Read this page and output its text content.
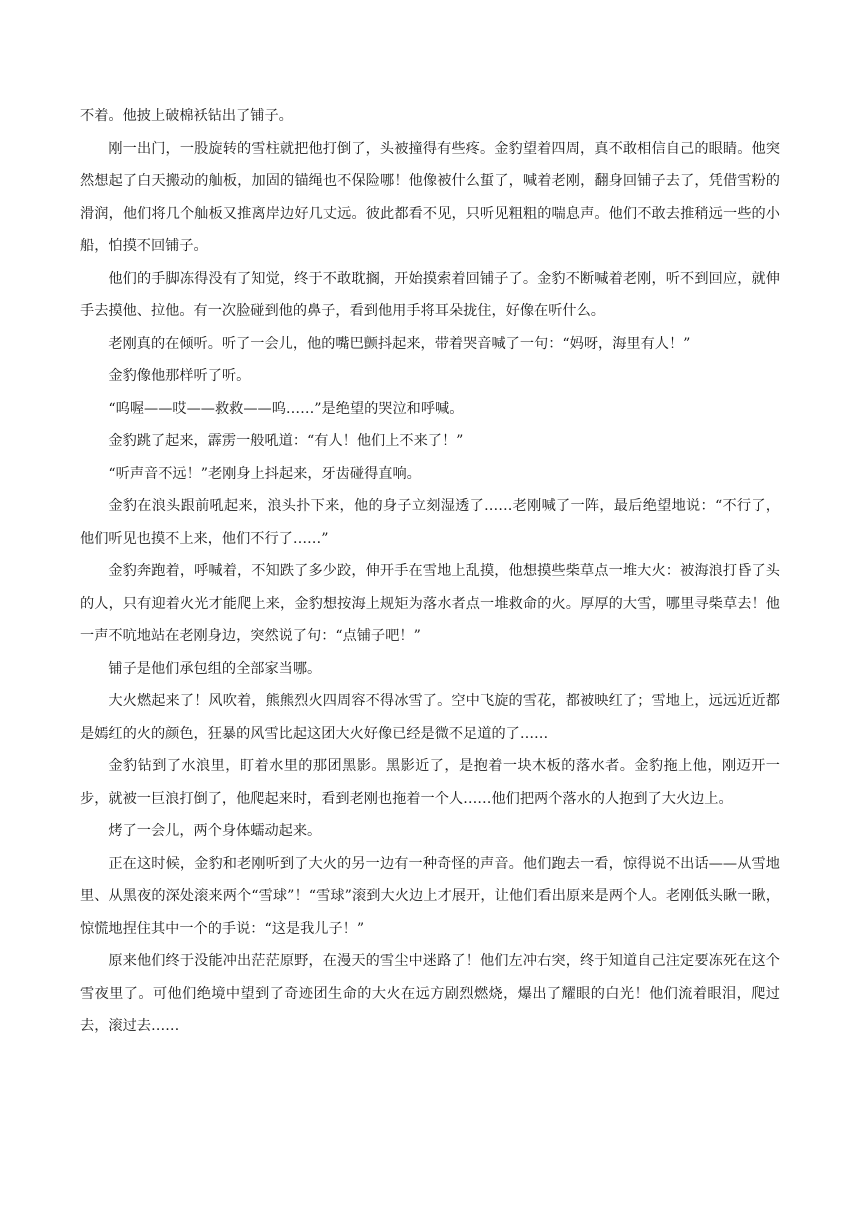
不着。他披上破棉袄钻出了铺子。

刚一出门，一股旋转的雪柱就把他打倒了，头被撞得有些疼。金豹望着四周，真不敢相信自己的眼睛。他突然想起了白天搬动的舢板，加固的锚绳也不保险哪！他像被什么蜇了，喊着老刚，翻身回铺子去了，凭借雪粉的滑润，他们将几个舢板又推离岸边好几丈远。彼此都看不见，只听见粗粗的喘息声。他们不敢去推稍远一些的小船，怕摸不回铺子。

他们的手脚冻得没有了知觉，终于不敢耽搁，开始摸索着回铺子了。金豹不断喊着老刚，听不到回应，就伸手去摸他、拉他。有一次脸碰到他的鼻子，看到他用手将耳朵拢住，好像在听什么。

老刚真的在倾听。听了一会儿，他的嘴巴颤抖起来，带着哭音喊了一句：“妈呀，海里有人！”

金豹像他那样听了听。

“呜喔——哎——救救——呜……”是绝望的哭泣和呼喊。

金豹跳了起来，霹雳一般吼道：“有人！他们上不来了！”

“听声音不远！”老刚身上抖起来，牙齿碰得直响。

金豹在浪头跟前吼起来，浪头扑下来，他的身子立刻湿透了……老刚喊了一阵，最后绝望地说：“不行了，他们听见也摸不上来，他们不行了……”

金豹奔跑着，呼喊着，不知跌了多少跤，伸开手在雪地上乱摸，他想摸些柴草点一堆大火：被海浪打昏了头的人，只有迎着火光才能爬上来，金豹想按海上规矩为落水者点一堆救命的火。厚厚的大雪，哪里寻柴草去！他一声不吭地站在老刚身边，突然说了句：“点铺子吧！”

铺子是他们承包组的全部家当哪。

大火燃起来了！风吹着，熊熊烈火四周容不得冰雪了。空中飞旋的雪花，都被映红了；雪地上，远远近近都是嫣红的火的颜色，狂暴的风雪比起这团大火好像已经是微不足道的了……

金豹钻到了水浪里，盯着水里的那团黑影。黑影近了，是抱着一块木板的落水者。金豹拖上他，刚迈开一步，就被一巨浪打倒了，他爬起来时，看到老刚也拖着一个人……他们把两个落水的人抱到了大火边上。

烤了一会儿，两个身体蠕动起来。

正在这时候，金豹和老刚听到了大火的另一边有一种奇怪的声音。他们跑去一看，惊得说不出话——从雪地里、从黑夜的深处滚来两个“雪球”！“雪球”滚到大火边上才展开，让他们看出原来是两个人。老刚低头瞅一瞅，惊慌地捏住其中一个的手说：“这是我儿子！”

原来他们终于没能冲出茫茫原野，在漫天的雪尘中迷路了！他们左冲右突，终于知道自己注定要冻死在这个雪夜里了。可他们绝境中望到了奇迹团生命的大火在远方剧烈燃烧，爆出了耀眼的白光！他们流着眼泪，爬过去，滚过去……
